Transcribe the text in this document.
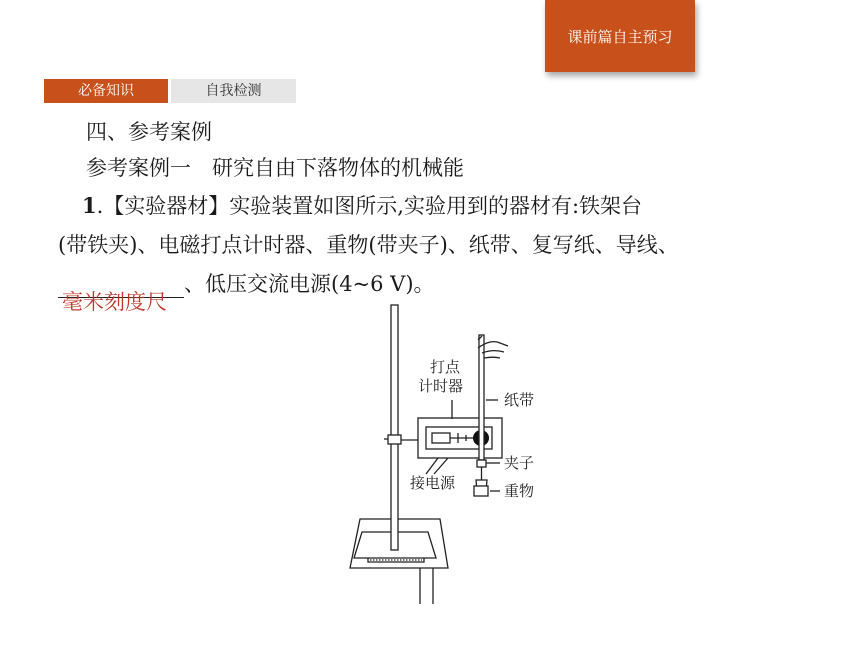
课前篇自主预习
必备知识	自我检测
四、参考案例
参考案例一　研究自由下落物体的机械能
1.【实验器材】实验装置如图所示,实验用到的器材有:铁架台
(带铁夹)、电磁打点计时器、重物(带夹子)、纸带、复写纸、导线、
毫米刻度尺
、低压交流电源(4~6 V)。
打点
计时器
纸带
夹子
接电源	重物
